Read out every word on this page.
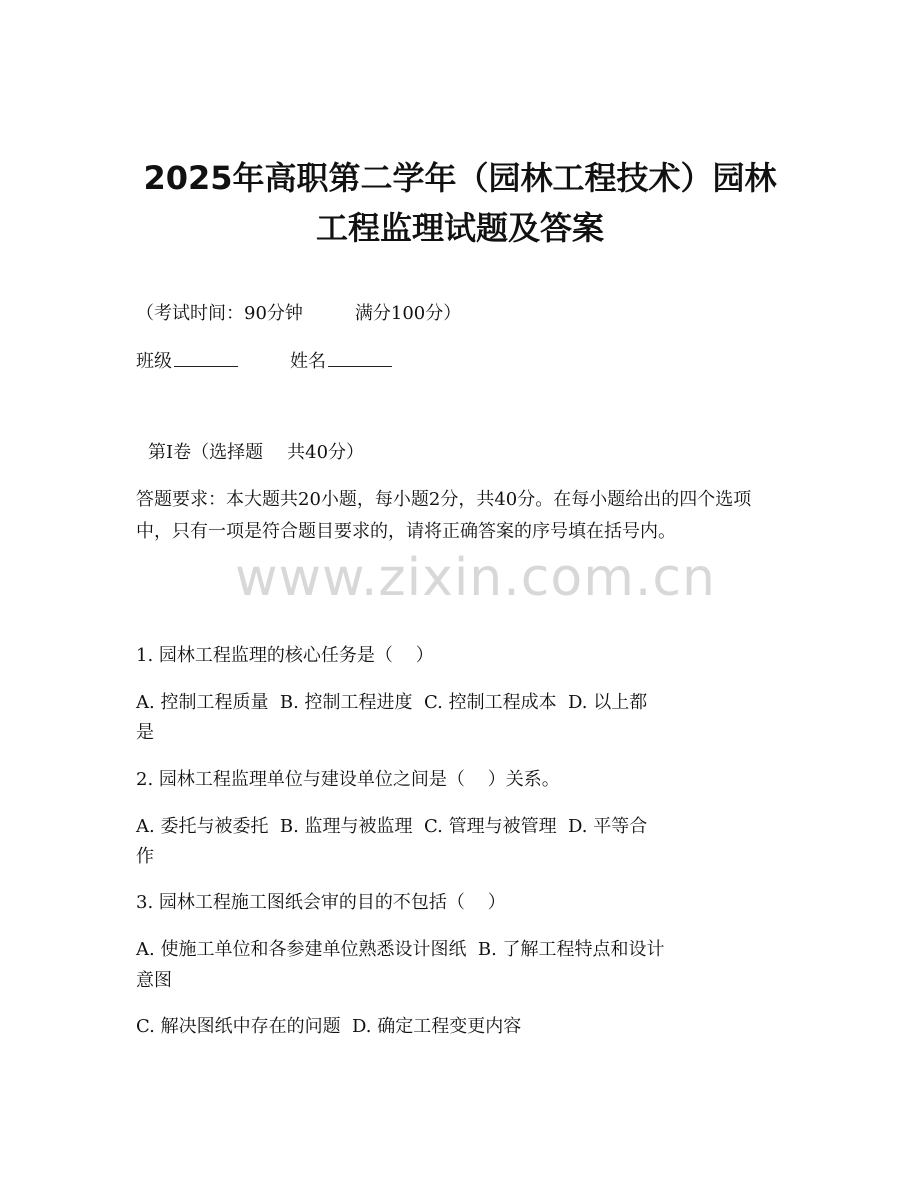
2025年高职第二学年（园林工程技术）园林
工程监理试题及答案

（考试时间：90分钟	满分100分）

班级	姓名

第I卷（选择题 共40分）

答题要求：本大题共20小题，每小题2分，共40分。在每小题给出的四个选项中，只有一项是符合题目要求的，请将正确答案的序号填在括号内。

www.zixin.com.cn

1. 园林工程监理的核心任务是（    ）

A. 控制工程质量  B. 控制工程进度  C. 控制工程成本  D. 以上都

是

2. 园林工程监理单位与建设单位之间是（    ）关系。

A. 委托与被委托  B. 监理与被监理  C. 管理与被管理  D. 平等合

作

3. 园林工程施工图纸会审的目的不包括（    ）

A. 使施工单位和各参建单位熟悉设计图纸  B. 了解工程特点和设计

意图

C. 解决图纸中存在的问题  D. 确定工程变更内容
